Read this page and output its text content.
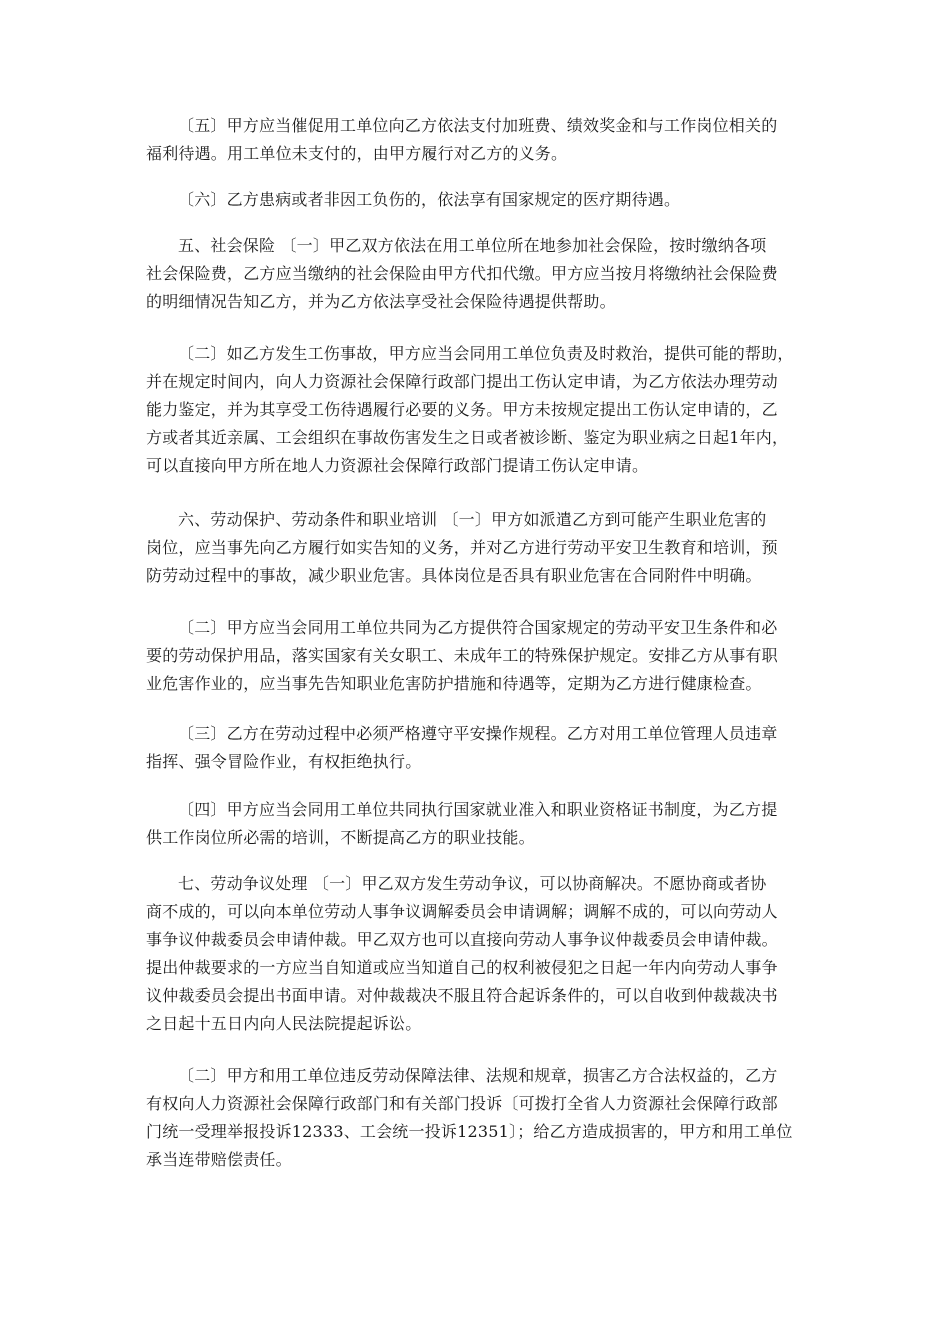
〔五〕甲方应当催促用工单位向乙方依法支付加班费、绩效奖金和与工作岗位相关的
福利待遇。用工单位未支付的，由甲方履行对乙方的义务。
〔六〕乙方患病或者非因工负伤的，依法享有国家规定的医疗期待遇。
五、社会保险 〔一〕甲乙双方依法在用工单位所在地参加社会保险，按时缴纳各项
社会保险费，乙方应当缴纳的社会保险由甲方代扣代缴。甲方应当按月将缴纳社会保险费
的明细情况告知乙方，并为乙方依法享受社会保险待遇提供帮助。
〔二〕如乙方发生工伤事故，甲方应当会同用工单位负责及时救治，提供可能的帮助，
并在规定时间内，向人力资源社会保障行政部门提出工伤认定申请，为乙方依法办理劳动
能力鉴定，并为其享受工伤待遇履行必要的义务。甲方未按规定提出工伤认定申请的，乙
方或者其近亲属、工会组织在事故伤害发生之日或者被诊断、鉴定为职业病之日起1年内，
可以直接向甲方所在地人力资源社会保障行政部门提请工伤认定申请。
六、劳动保护、劳动条件和职业培训 〔一〕甲方如派遣乙方到可能产生职业危害的
岗位，应当事先向乙方履行如实告知的义务，并对乙方进行劳动平安卫生教育和培训，预
防劳动过程中的事故，减少职业危害。具体岗位是否具有职业危害在合同附件中明确。
〔二〕甲方应当会同用工单位共同为乙方提供符合国家规定的劳动平安卫生条件和必
要的劳动保护用品，落实国家有关女职工、未成年工的特殊保护规定。安排乙方从事有职
业危害作业的，应当事先告知职业危害防护措施和待遇等，定期为乙方进行健康检查。
〔三〕乙方在劳动过程中必须严格遵守平安操作规程。乙方对用工单位管理人员违章
指挥、强令冒险作业，有权拒绝执行。
〔四〕甲方应当会同用工单位共同执行国家就业准入和职业资格证书制度，为乙方提
供工作岗位所必需的培训，不断提高乙方的职业技能。
七、劳动争议处理 〔一〕甲乙双方发生劳动争议，可以协商解决。不愿协商或者协
商不成的，可以向本单位劳动人事争议调解委员会申请调解；调解不成的，可以向劳动人
事争议仲裁委员会申请仲裁。甲乙双方也可以直接向劳动人事争议仲裁委员会申请仲裁。
提出仲裁要求的一方应当自知道或应当知道自己的权利被侵犯之日起一年内向劳动人事争
议仲裁委员会提出书面申请。对仲裁裁决不服且符合起诉条件的，可以自收到仲裁裁决书
之日起十五日内向人民法院提起诉讼。
〔二〕甲方和用工单位违反劳动保障法律、法规和规章，损害乙方合法权益的，乙方
有权向人力资源社会保障行政部门和有关部门投诉〔可拨打全省人力资源社会保障行政部
门统一受理举报投诉12333、工会统一投诉12351〕；给乙方造成损害的，甲方和用工单位
承当连带赔偿责任。
